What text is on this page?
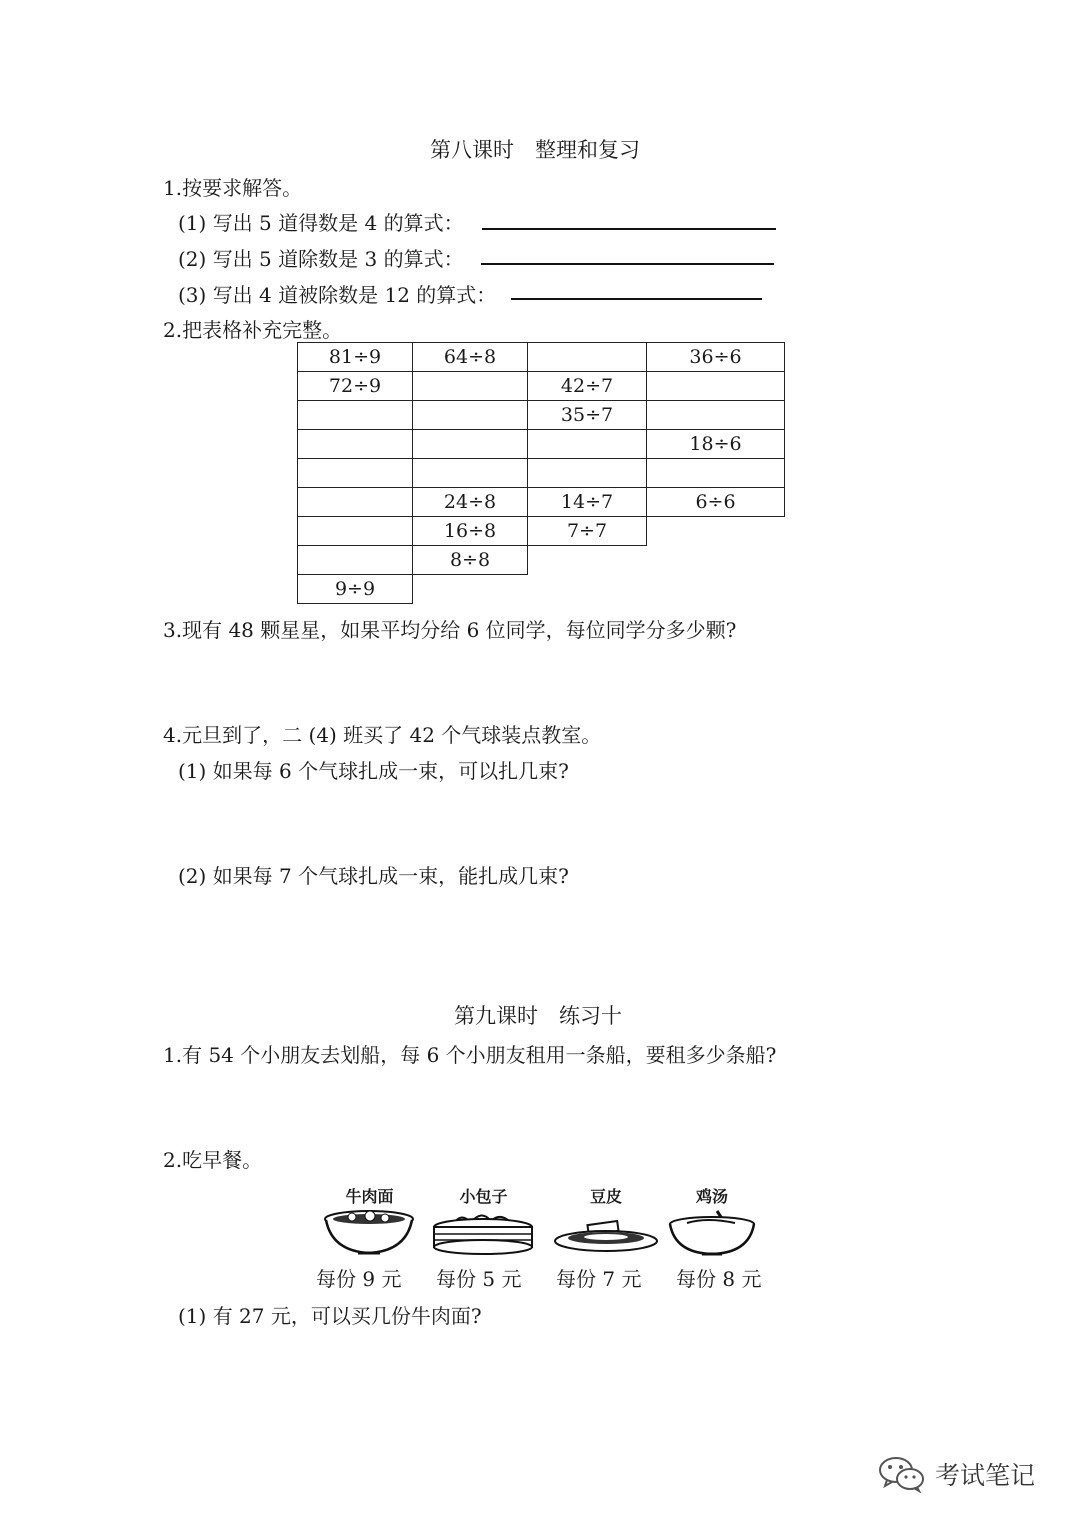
第八课时　整理和复习
1.按要求解答。
(1) 写出 5 道得数是 4 的算式：
(2) 写出 5 道除数是 3 的算式：
(3) 写出 4 道被除数是 12 的算式：
2.把表格补充完整。
81÷9	64÷8		36÷6
72÷9		42÷7	
		35÷7	
			18÷6

	24÷8	14÷7	6÷6
	16÷8	7÷7	
	8÷8		
9÷9			
3.现有 48 颗星星，如果平均分给 6 位同学，每位同学分多少颗?
4.元旦到了，二 (4) 班买了 42 个气球装点教室。
(1) 如果每 6 个气球扎成一束，可以扎几束?
(2) 如果每 7 个气球扎成一束，能扎成几束?
第九课时　练习十
1.有 54 个小朋友去划船，每 6 个小朋友租用一条船，要租多少条船?
2.吃早餐。
牛肉面	小包子	豆皮	鸡汤
每份 9 元 每份 5 元 每份 7 元 每份 8 元
(1) 有 27 元，可以买几份牛肉面?
考试笔记
